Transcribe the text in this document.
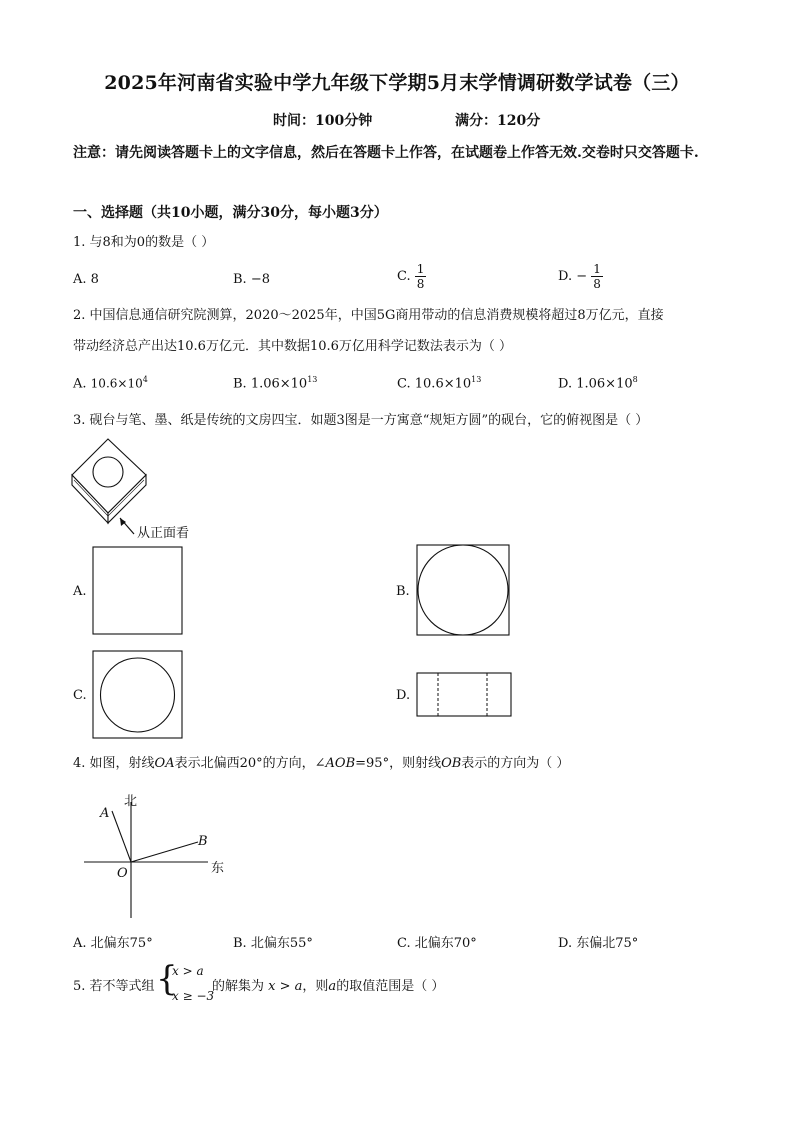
2025年河南省实验中学九年级下学期5月末学情调研数学试卷（三）
时间：100分钟	满分：120分
注意：请先阅读答题卡上的文字信息，然后在答题卡上作答，在试题卷上作答无效.交卷时只交答题卡.
一、选择题（共10小题，满分30分，每小题3分）
1. 与8和为0的数是（ ）
A. 8	B. −8	C. $\frac{1}{8}$	D. − $\frac{1}{8}$
2. 中国信息通信研究院测算，2020～2025年，中国5G商用带动的信息消费规模将超过8万亿元，直接
带动经济总产出达10.6万亿元．其中数据10.6万亿用科学记数法表示为（ ）
A. $10.6\times 10^4$	B. $1.06\times 10^{13}$	C. $10.6\times 10^{13}$	D. $1.06\times 10^8$
3. 砚台与笔、墨、纸是传统的文房四宝．如题3图是一方寓意“规矩方圆”的砚台，它的俯视图是（ ）
从正面看
A.	B.
C.	D.
4. 如图，射线OA表示北偏西20°的方向，∠AOB=95°，则射线OB表示的方向为（ ）
北
东
A
B
O
A. 北偏东75°	B. 北偏东55°	C. 北偏东70°	D. 东偏北75°
5. 若不等式组 {
x > a
x ≥ −3
的解集为 x > a，则a的取值范围是（ ）
